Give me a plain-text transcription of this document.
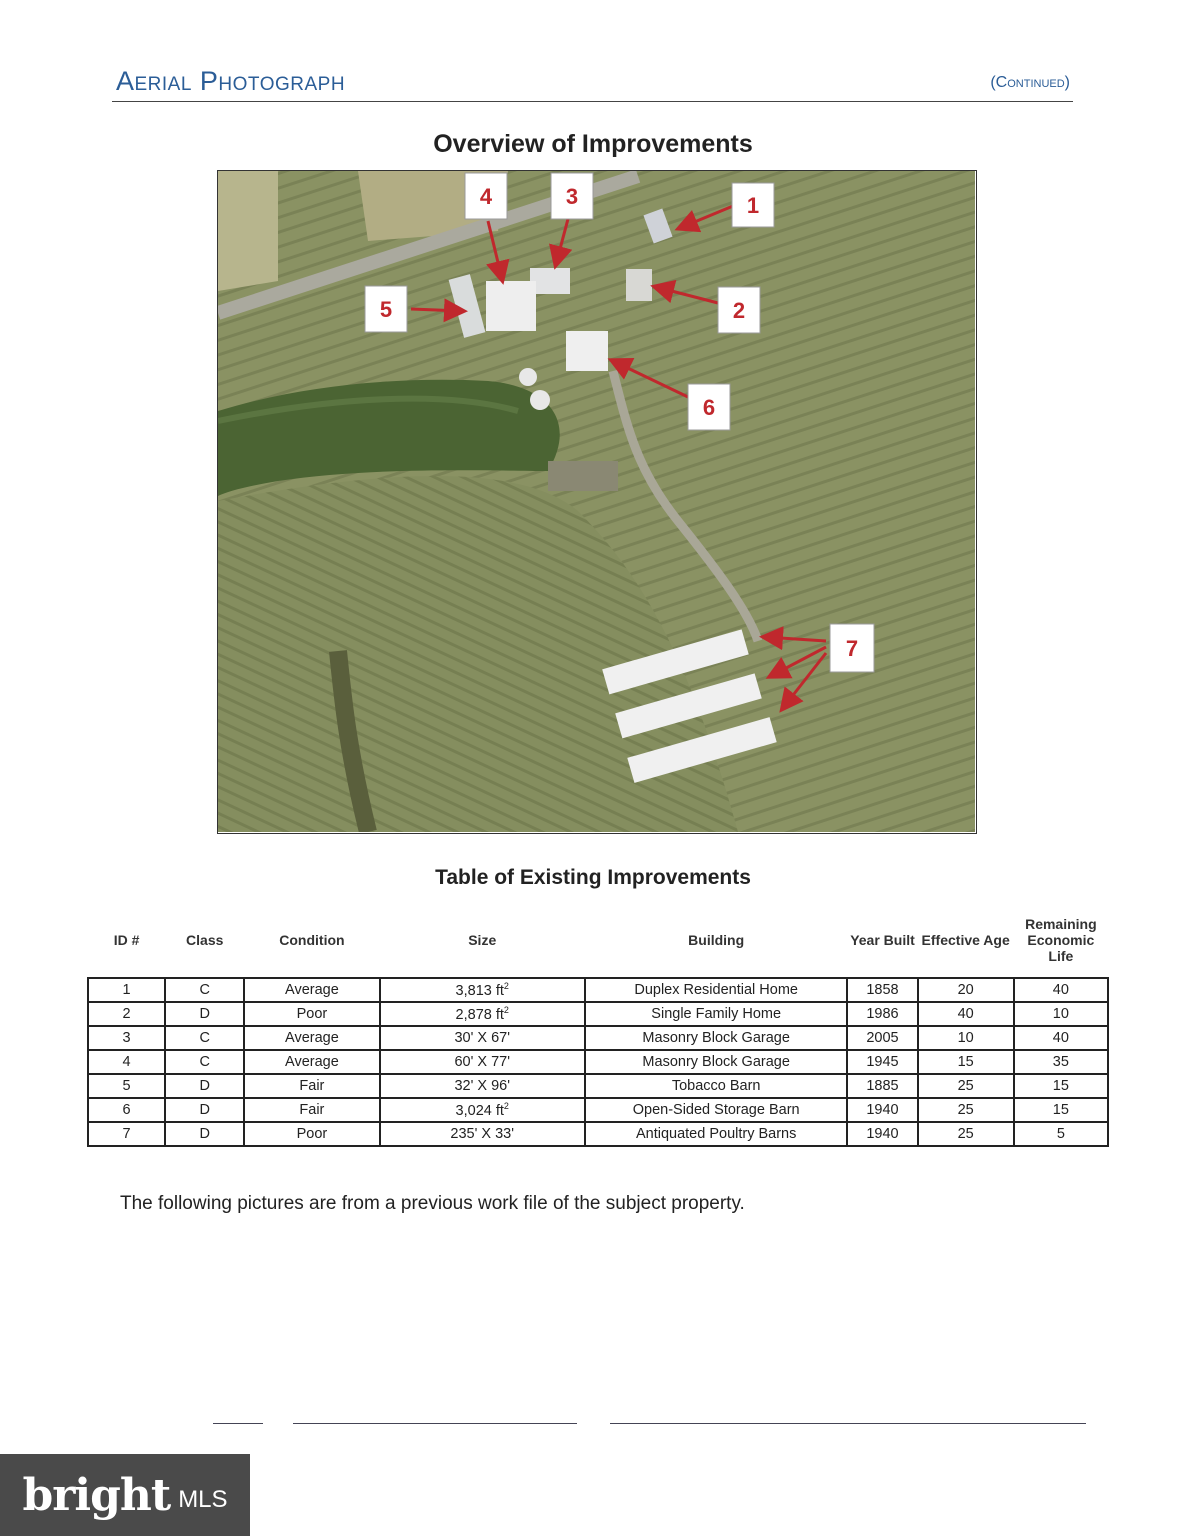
Aerial Photograph	(Continued)
Overview of Improvements
1
2
3
4
5
6
7
Table of Existing Improvements
ID #	Class	Condition	Size	Building	Year Built	Effective Age	Remaining Economic Life
1	C	Average	3,813 $ft^2$	Duplex Residential Home	1858	20	40
2	D	Poor	2,878 $ft^2$	Single Family Home	1986	40	10
3	C	Average	30' X 67'	Masonry Block Garage	2005	10	40
4	C	Average	60' X 77'	Masonry Block Garage	1945	15	35
5	D	Fair	32' X 96'	Tobacco Barn	1885	25	15
6	D	Fair	3,024 $ft^2$	Open-Sided Storage Barn	1940	25	15
7	D	Poor	235' X 33'	Antiquated Poultry Barns	1940	25	5
The following pictures are from a previous work file of the subject property.
bright MLS
